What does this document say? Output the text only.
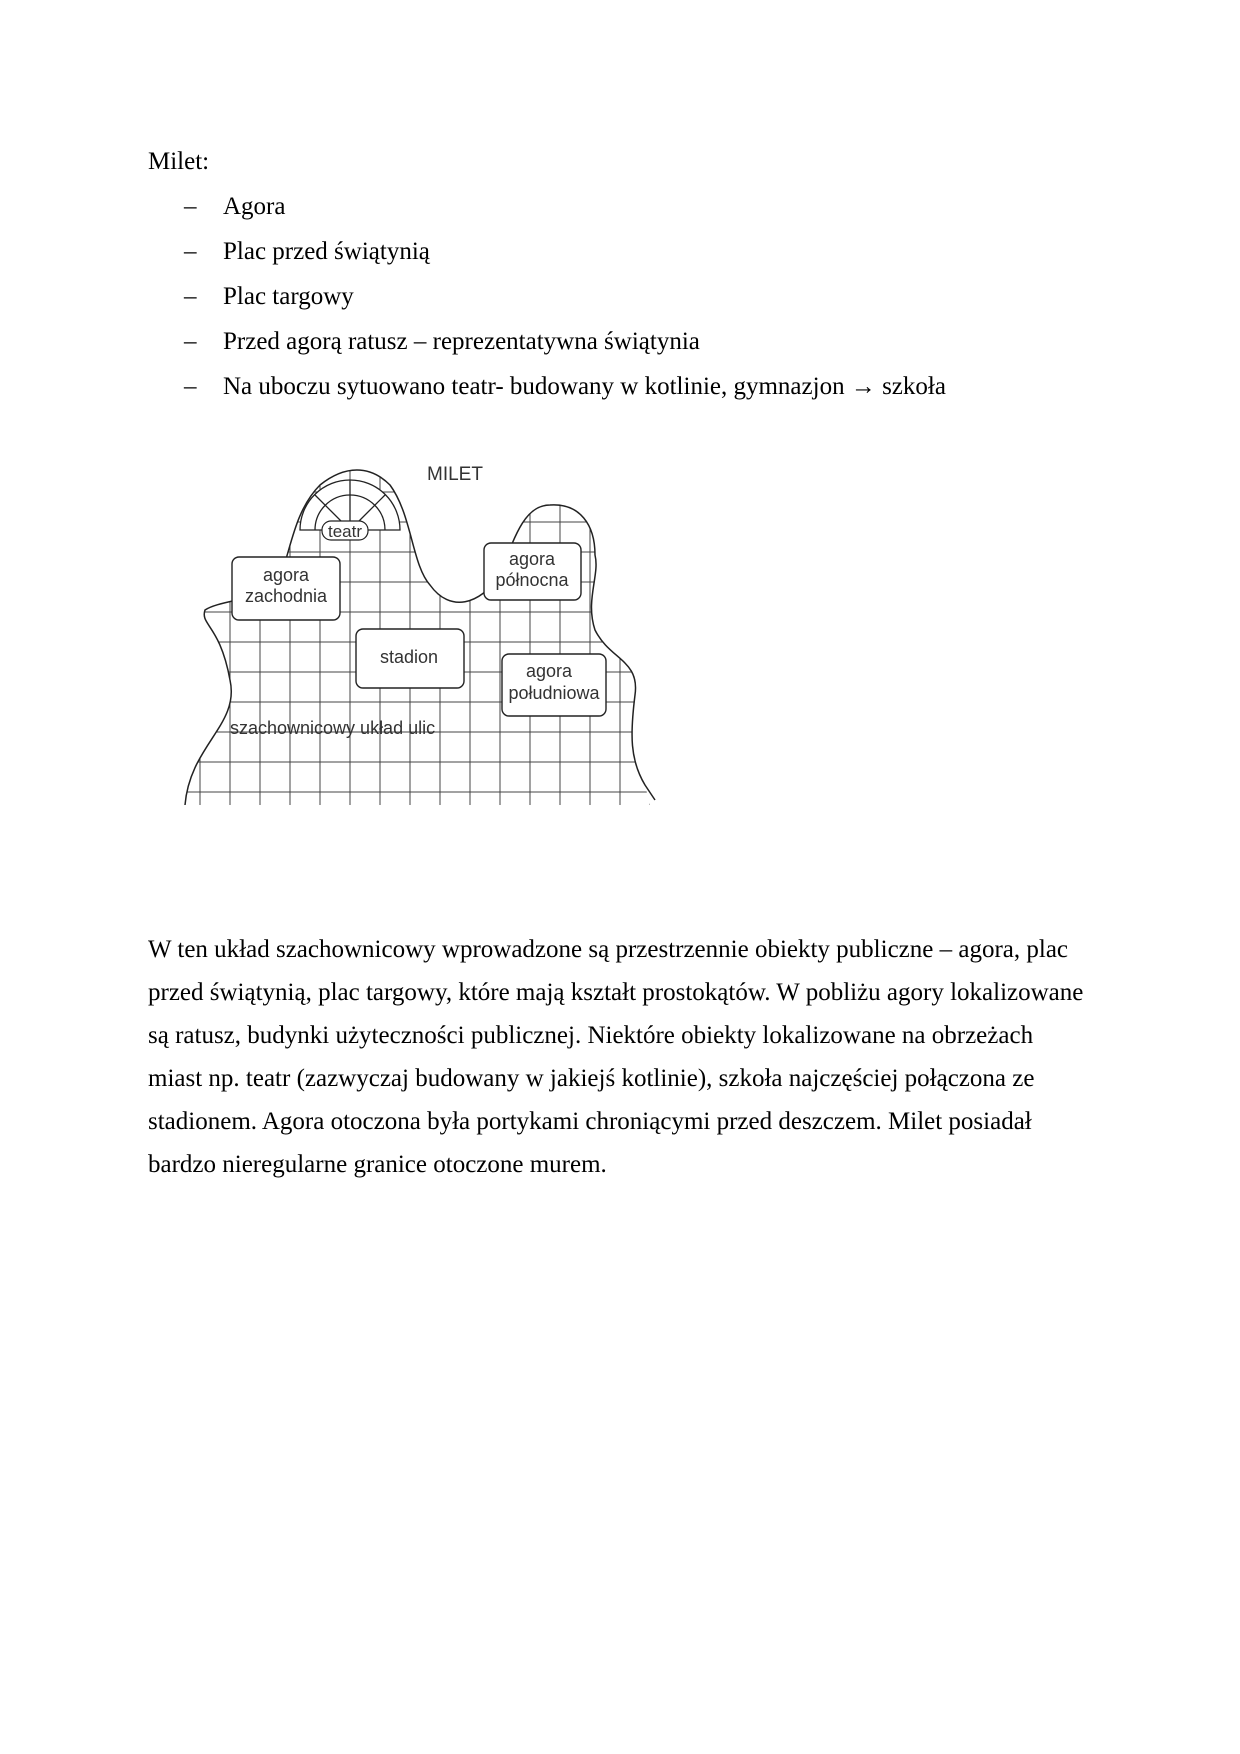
Milet:
– Agora
– Plac przed świątynią
– Plac targowy
– Przed agorą ratusz – reprezentatywna świątynia
– Na uboczu sytuowano teatr- budowany w kotlinie, gymnazjon → szkoła
teatr
MILET
agora
zachodnia
agora
północna
stadion
agora
południowa
szachownicowy układ ulic
W ten układ szachownicowy wprowadzone są przestrzennie obiekty publiczne – agora, plac
przed świątynią, plac targowy, które mają kształt prostokątów. W pobliżu agory lokalizowane
są ratusz, budynki użyteczności publicznej. Niektóre obiekty lokalizowane na obrzeżach
miast np. teatr (zazwyczaj budowany w jakiejś kotlinie), szkoła najczęściej połączona ze
stadionem. Agora otoczona była portykami chroniącymi przed deszczem. Milet posiadał
bardzo nieregularne granice otoczone murem.
